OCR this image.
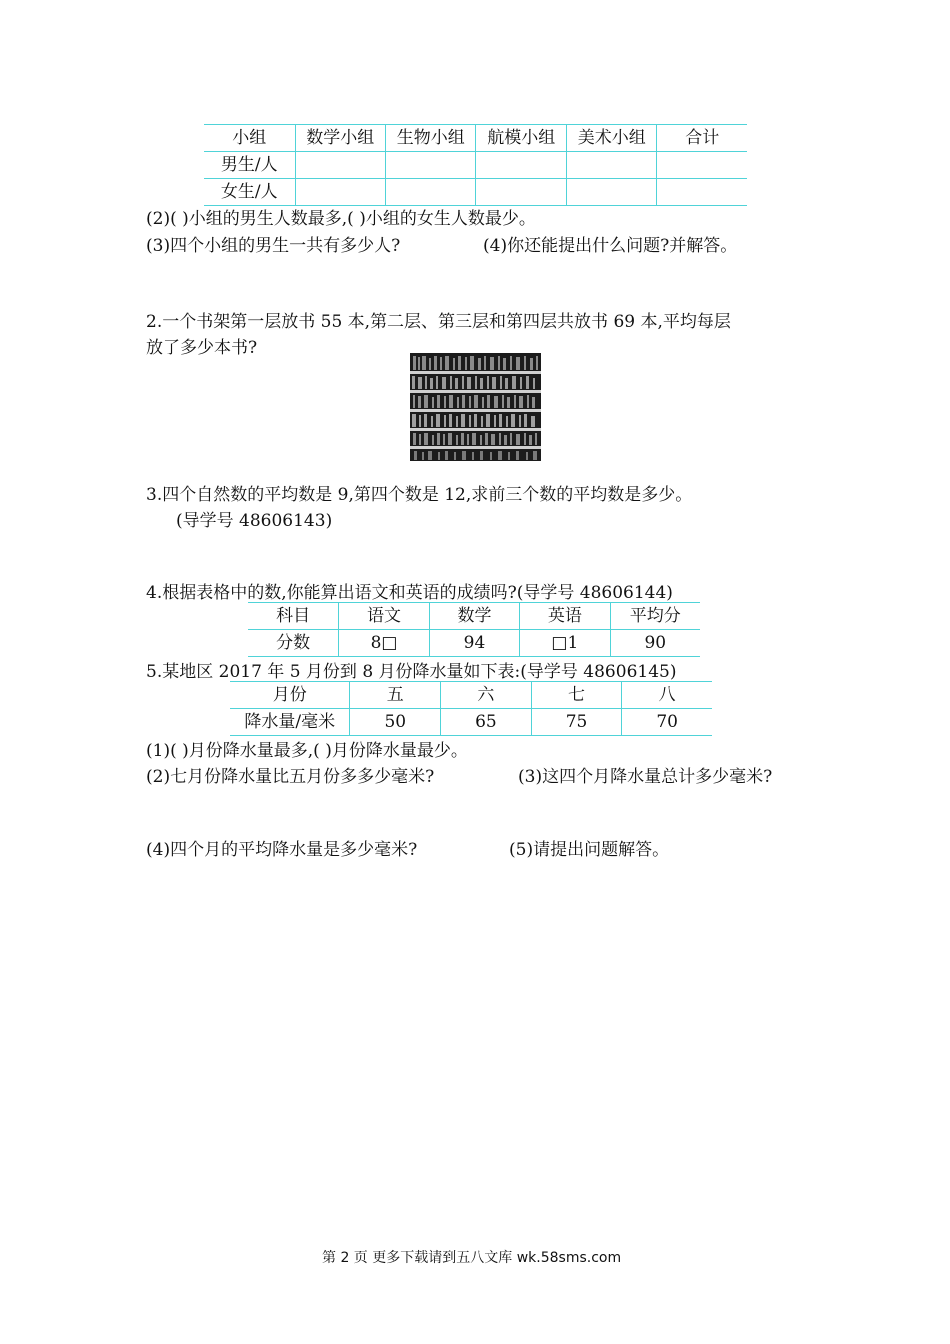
小组	数学小组	生物小组	航模小组	美术小组	合计
男生/人					
女生/人					
(2)( )小组的男生人数最多,( )小组的女生人数最少。
(3)四个小组的男生一共有多少人?	(4)你还能提出什么问题?并解答。
2.一个书架第一层放书 55 本,第二层、第三层和第四层共放书 69 本,平均每层
放了多少本书?
3.四个自然数的平均数是 9,第四个数是 12,求前三个数的平均数是多少。
(导学号 48606143)
4.根据表格中的数,你能算出语文和英语的成绩吗?(导学号 48606144)
科目	语文	数学	英语	平均分
分数	8□	94	□1	90
5.某地区 2017 年 5 月份到 8 月份降水量如下表:(导学号 48606145)
月份	五	六	七	八
降水量/毫米	50	65	75	70
(1)( )月份降水量最多,( )月份降水量最少。
(2)七月份降水量比五月份多多少毫米?	(3)这四个月降水量总计多少毫米?
(4)四个月的平均降水量是多少毫米?	(5)请提出问题解答。
第 2 页 更多下载请到五八文库 wk.58sms.com
